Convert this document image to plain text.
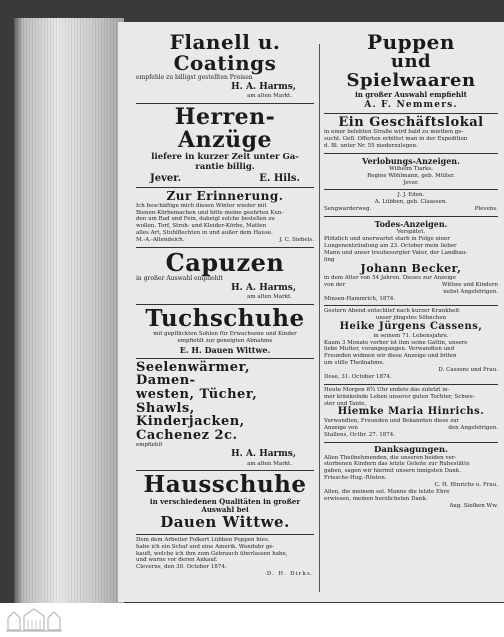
Flanell u. Coatings
empfehle zu billigst gestellten Preisen
H. A. Harms,
am alten Markt.
Herren-Anzüge
liefere in kurzer Zeit unter Ga-
rantie billig.
Jever.	E. Hils.
Zur Erinnerung.
Ich beschäftige mich diesen Winter wieder mit
Bienen-Körbemachen und bitte meine geehrten Kun-
den um Rad und Fein, dabeigl solche bestellen zu
wollen. Torf, Stroh- und Kleider-Körbe, Matten
alles Art, Stuhlflechten in und außer dem Hause.
M.-A.-Altendeich.	J. C. Siebels.
Capuzen
in großer Auswahl empfiehlt
H. A. Harms,
am alten Markt.
Tuchschuhe
mit gepflückten Sohlen für Erwachsene und Kinder
empfiehlt zur geneigten Abnahme
E. H. Dauen Wittwe.
Seelenwärmer, Damen-
westen, Tücher, Shawls,
Kinderjacken, Cachenez 2c.
empfiehlt
H. A. Harms,
am alten Markt.
Hausschuhe
in verschiedenen Qualitäten in großer
Auswahl bei
Dauen Wittwe.
Dem dem Arbeiter Folkert Lübben Poppen hies.
habe ich ein Schaf und eine Amerik. Wandubr ge-
kauft, welche ich ihm zum Gebrauch überlassen habe,
und warne vor deren Ankauf.
Cleverns, den 30. October 1874.
D. H. Dirks.
Puppen
und Spielwaaren
in großer Auswahl empfiehlt
A. F. Nemmers.
Ein Geschäftslokal
in einer belebten Straße wird bald zu miethen ge-
sucht. Gefl. Offerten erbittet man in der Expedition
d. Bl. unter Nr. 55 niederzulegen.
Verlobungs-Anzeigen.
Wilhelm Tiarks.
Regine Wöhlmann, geb. Müller.
Jever.
J. J. Eden.
A. Lübben, geb. Claassen.
Sengwarderweg.	Plevens.
Todes-Anzeigen.
Verspätet.
Plötzlich und unerwartet starb in Folge einer
Lungenentzündung am 23. October mein lieber
Mann und unser treubesorgter Vater, der Landbau-
ling
Johann Becker,
in dem Alter von 54 Jahren. Dieses zur Anzeige
von der	Wittwe und Kindern
nebst Angehörigen.
Minsen-Hammrich, 1874.
Gestern Abend entschlief nach kurzer Krankheit
unser jüngstes Söhnchen
Heike Jürgens Cassens,
in seinem 71. Lebensjahre.
Kaum 3 Monate vorher ist ihm seine Gattin, unsere
liebe Mutter, vorangegangen. Verwandten und
Freunden widmen wir diese Anzeige und bitten
um stille Theilnahme.
D. Cassens und Frau.
Dose, 31. October 1874.
Heute Morgen 8¾ Uhr endete das zuletzt in-
mer kränkelnde Leben unserer guten Tochter, Schwe-
ster und Tante,
Hiemke Maria Hinrichs.
Verwandten, Freunden und Bekannten diese zur
Anzeige von	den Angehörigen.
Stallens, Octbr. 27. 1874.
Danksagungen.
Allen Theilnehmenden, die unseren beiden ver-
storbenen Kindern das letzte Geleite zur Ruhestätte
gaben, sagen wir hiermit unsern innigsten Dank.
Friesche-Hug.-Rösten.
C. H. Hinrichs u. Frau.
Allen, die meinem sel. Manne die letzte Ehre
erwiesen, meinen herzlichsten Dank.
Aug. Siefken Ww.
